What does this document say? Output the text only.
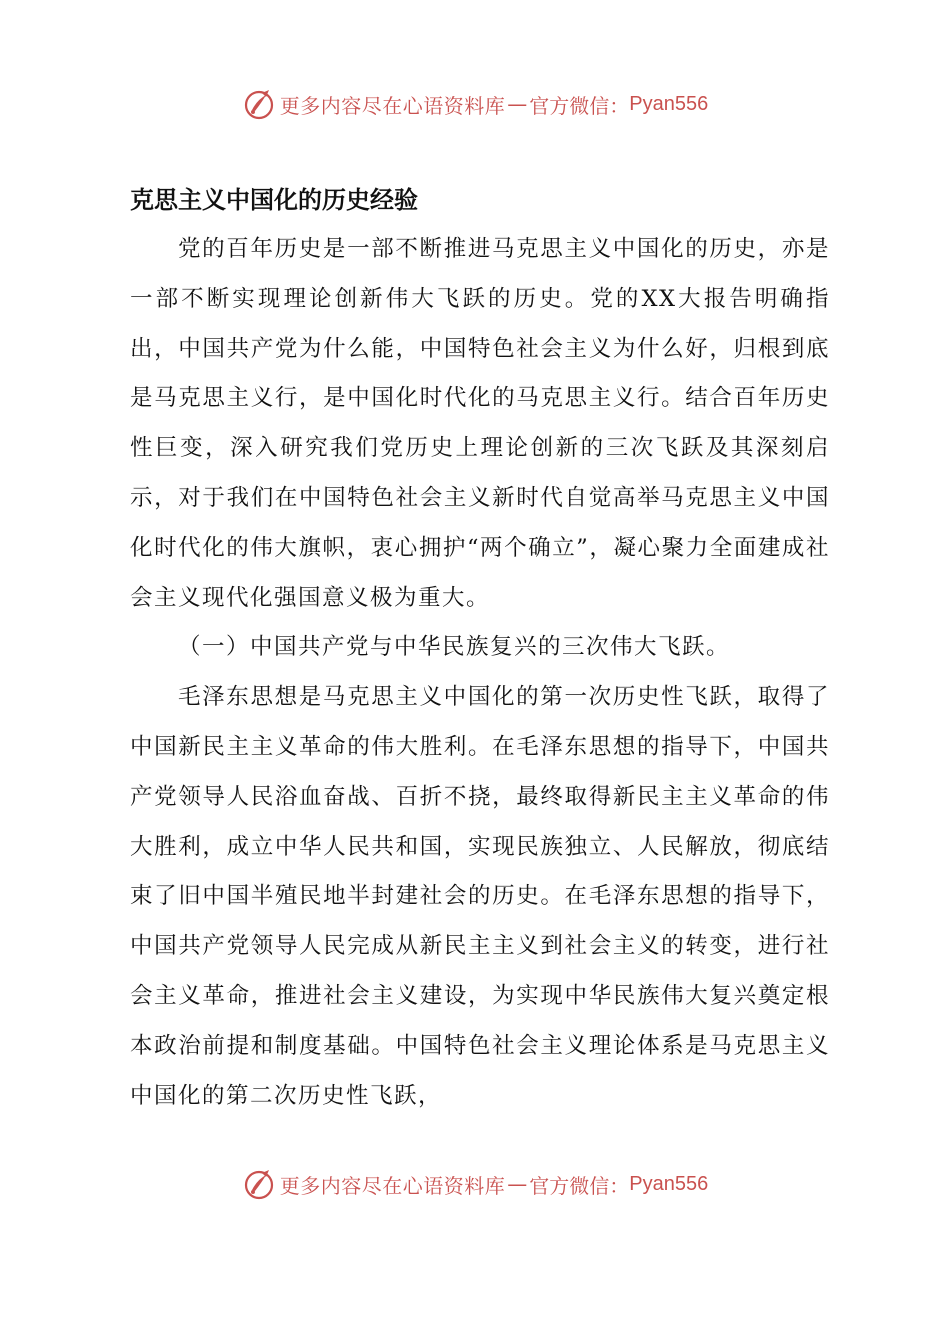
更多内容尽在心语资料库 — 官方微信： Pyan556
克思主义中国化的历史经验

党的百年历史是一部不断推进马克思主义中国化的历史，亦是一部不断实现理论创新伟大飞跃的历史。党的XX大报告明确指出，中国共产党为什么能，中国特色社会主义为什么好，归根到底是马克思主义行，是中国化时代化的马克思主义行。结合百年历史性巨变，深入研究我们党历史上理论创新的三次飞跃及其深刻启示，对于我们在中国特色社会主义新时代自觉高举马克思主义中国化时代化的伟大旗帜，衷心拥护“两个确立”，凝心聚力全面建成社会主义现代化强国意义极为重大。

（一）中国共产党与中华民族复兴的三次伟大飞跃。

毛泽东思想是马克思主义中国化的第一次历史性飞跃，取得了中国新民主主义革命的伟大胜利。在毛泽东思想的指导下，中国共产党领导人民浴血奋战、百折不挠，最终取得新民主主义革命的伟大胜利，成立中华人民共和国，实现民族独立、人民解放，彻底结束了旧中国半殖民地半封建社会的历史。在毛泽东思想的指导下，中国共产党领导人民完成从新民主主义到社会主义的转变，进行社会主义革命，推进社会主义建设，为实现中华民族伟大复兴奠定根本政治前提和制度基础。中国特色社会主义理论体系是马克思主义中国化的第二次历史性飞跃，

更多内容尽在心语资料库 — 官方微信： Pyan556
